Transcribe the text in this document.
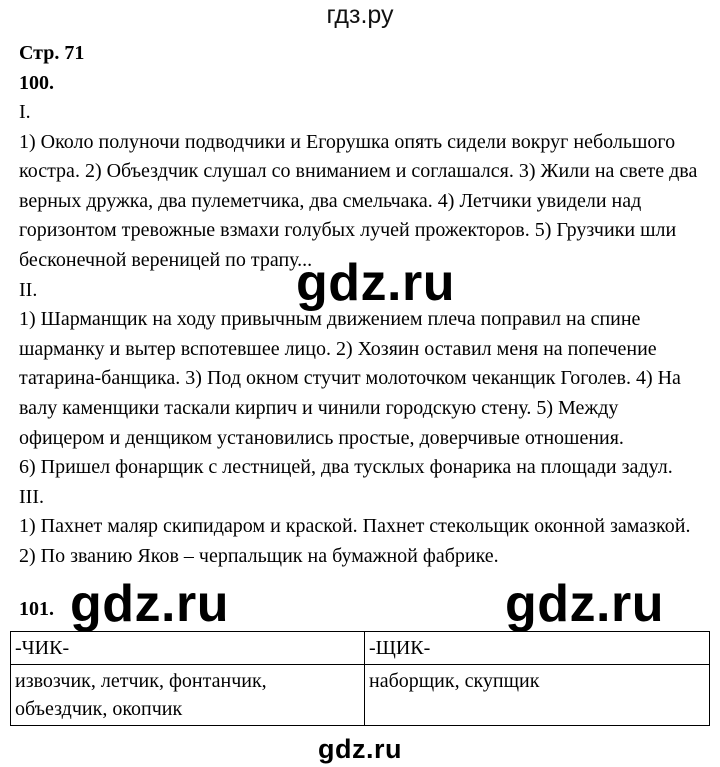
гдз.ру

Стр. 71

100.

I.

1) Около полуночи подводчики и Егорушка опять сидели вокруг небольшого

костра. 2) Объездчик слушал со вниманием и соглашался. 3) Жили на свете два

верных дружка, два пулеметчика, два смельчака. 4) Летчики увидели над

горизонтом тревожные взмахи голубых лучей прожекторов. 5) Грузчики шли

бесконечной вереницей по трапу...

II.

1) Шарманщик на ходу привычным движением плеча поправил на спине

шарманку и вытер вспотевшее лицо. 2) Хозяин оставил меня на попечение

татарина-банщика. 3) Под окном стучит молоточком чеканщик Гоголев. 4) На

валу каменщики таскали кирпич и чинили городскую стену. 5) Между

офицером и денщиком установились простые, доверчивые отношения.

6) Пришел фонарщик с лестницей, два тусклых фонарика на площади задул.

III.

1) Пахнет маляр скипидаром и краской. Пахнет стекольщик оконной замазкой.

2) По званию Яков – черпальщик на бумажной фабрике.

gdz.ru
101. gdz.ru	gdz.ru
-ЧИК-	-ЩИК-

извозчик, летчик, фонтанчик,
объездчик, окопчик	наборщик, скупщик
gdz.ru
